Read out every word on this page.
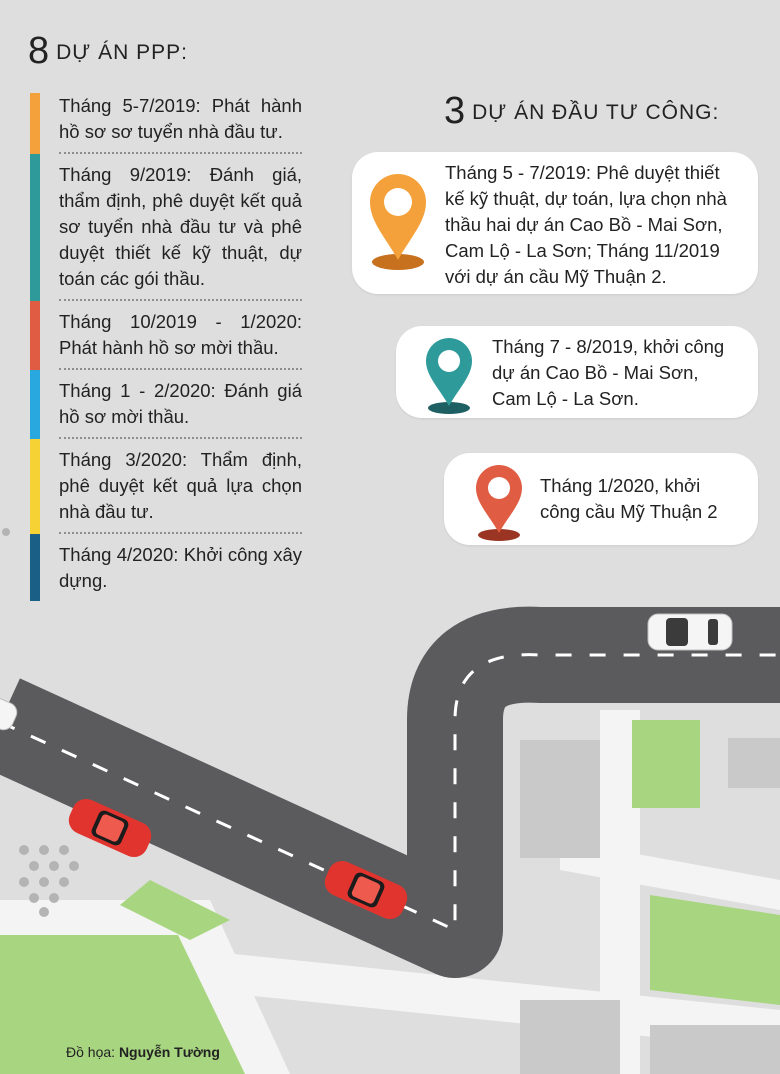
8 DỰ ÁN PPP:
Tháng 5-7/2019: Phát hành hồ sơ sơ tuyển nhà đầu tư.
Tháng 9/2019: Đánh giá, thẩm định, phê duyệt kết quả sơ tuyển nhà đầu tư và phê duyệt thiết kế kỹ thuật, dự toán các gói thầu.
Tháng 10/2019 - 1/2020: Phát hành hồ sơ mời thầu.
Tháng 1 - 2/2020: Đánh giá hồ sơ mời thầu.
Tháng 3/2020: Thẩm định, phê duyệt kết quả lựa chọn nhà đầu tư.
Tháng 4/2020: Khởi công xây dựng.
3 DỰ ÁN ĐẦU TƯ CÔNG:
Tháng 5 - 7/2019: Phê duyệt thiết
kế kỹ thuật, dự toán, lựa chọn nhà
thầu hai dự án Cao Bồ - Mai Sơn,
Cam Lộ - La Sơn; Tháng 11/2019
với dự án cầu Mỹ Thuận 2.
Tháng 7 - 8/2019, khởi công
dự án Cao Bồ - Mai Sơn,
Cam Lộ - La Sơn.
Tháng 1/2020, khởi
công cầu Mỹ Thuận 2
Đồ họa: Nguyễn Tường
